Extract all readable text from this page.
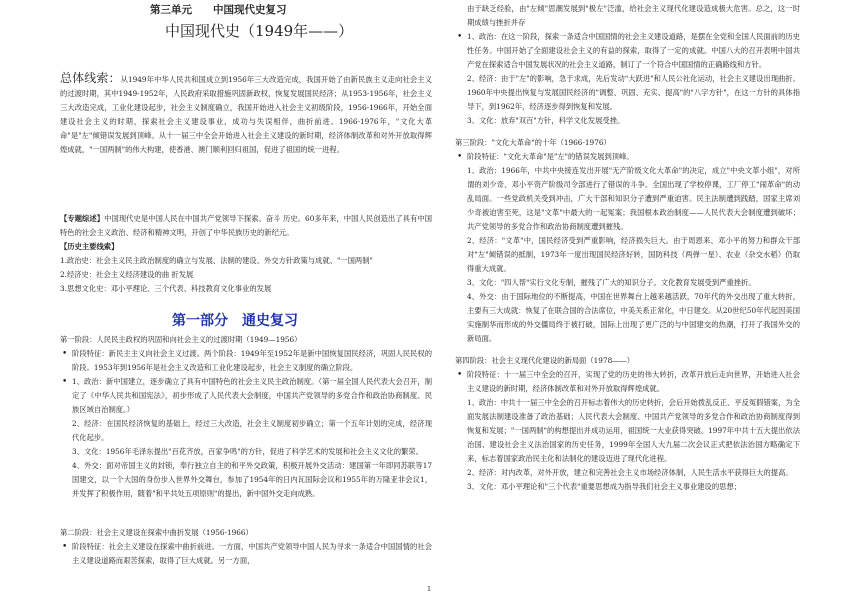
第三单元　　中国现代史复习
中国现代史（1949年——）

总体线索：从1949年中华人民共和国成立到1956年三大改造完成，我国开始了由新民族主义走向社会主义的过渡时期，其中1949-1952年，人民政府采取措施巩固新政权，恢复发展国民经济；从1953-1956年，社会主义三大改造完成，工业化建设起步，社会主义制度确立，我国开始进入社会主义初级阶段，1956-1966年，开始全面建设社会主义的时期，探索社会主义建设事业，成功与失误相伴，曲折前进。1966-1976年，"文化大革命"是"左"倾错误发展到顶峰。从十一届三中全会开始进入社会主义建设的新时期，经济体制改革和对外开放取得辉煌成就，"一国两制"的伟大构建，使香港、澳门顺利回归祖国，促进了祖国的统一进程。

【专题综述】中国现代史是中国人民在中国共产党领导下探索、奋斗 历史。60多年来，中国人民创造出了具有中国特色的社会主义政治、经济和精神文明，开创了中华民族历史的新纪元。

【历史主要线索】

1.政治史：社会主义民主政治制度的确立与发展、法制的建设、外交方针政策与成就、"一国两制"

2.经济史：社会主义经济建设的曲 折发展

3.思想文化史：邓小平理论、三个代表、科技教育文化事业的发展

第一部分　通史复习

第一阶段：人民民主政权的巩固和向社会主义的过渡时期（1949—1956）

• 阶段特征：新民主主义向社会主义过渡。两个阶段：1949年至1952年是新中国恢复国民经济，巩固人民民权的阶段。1953年到1956年是社会主义改造和工业化建设起步，社会主义制度的确立阶段。

• 1、政治：新中国建立，逐步确立了具有中国特色的社会主义民主政治制度。（第一届全国人民代表大会召开，制定了《中华人民共和国宪法》，初步形成了人民代表大会制度，中国共产党领导的多党合作和政治协商制度、民族区域自治制度。）

2、经济：在国民经济恢复的基础上，经过三大改造，社会主义制度初步确立；第一个五年计划的完成，经济现代化起步。

3、文化：1956年毛泽东提出"百花齐放，百家争鸣"的方针，促进了科学艺术的发展和社会主义文化的繁荣。

4、外交：面对帝国主义的封锁，奉行独立自主的和平外交政策，积极开展外交活动：建国第一年即同苏联等17国建交，以一个大国的身份步入世界外交舞台，参加了1954年的日内瓦国际会议和1955年的万隆亚非会议1，并发挥了积极作用，随着"和平共处五项原则"的提出，新中国外交走向成熟。

第二阶段：社会主义建设在探索中曲折发展（1956-1966）

• 阶段特征：社会主义建设在探索中曲折前进。一方面，中国共产党领导中国人民为寻求一条适合中国国情的社会主义建设道路而艰苦探索，取得了巨大成就。另一方面，

由于缺乏经验，由"左倾"思潮发展到"极左"泛滥，给社会主义现代化建设造成极大危害。总之，这一时期成绩与挫折并存

• 1、政治：在这一阶段，探索一条适合中国国情的社会主义建设道路，是摆在全党和全国人民面前的历史性任务。中国开始了全面建设社会主义的有益的探索，取得了一定的成就。中国八大的召开表明中国共产党在探索适合中国发展状况的社会主义道路，制订了一个符合中国国情的正确路线和方针。

2、经济：由于"左"的影响，急于求成，先后发动"大跃进"和人民公社化运动，社会主义建设出现曲折。1960年中央提出恢复与发展国民经济的"调整、巩固、充实、提高"的"八字方针"，在这一方针的具体指导下，到1962年，经济逐步得到恢复和发展。

3、文化：放弃"双百"方针，科学文化发展受挫。

第三阶段："文化大革命"的十年（1966-1976）

• 阶段特征："文化大革命"是"左"的错误发展到顶峰。

1、政治：1966年，中共中央接连发出开展"无产阶级文化大革命"的决定，成立"中央文革小组"，对所谓的刘少奇、邓小平资产阶级司令部进行了错误的斗争。全国出现了学校停课，工厂停工"闹革命"的动乱局面。一些党政机关受到冲击，广大干部和知识分子遭到严重迫害。民主法制遭到践踏，国家主席刘少奇被迫害至死，这是"文革"中最大的一起冤案；我国根本政治制度——人民代表大会制度遭到破坏；共产党领导的多党合作和政治协商制度遭到摧残。

2、经济："文革"中，国民经济受到严重影响，经济损失巨大。由于周恩来、邓小平的努力和群众干部对"左"倾错误的抵制，1973年一度出现国民经济好转，国防科技（两弹一星）、农业（杂交水稻）仍取得重大成就。

3、文化："四人帮"实行文化专制，摧残了广大的知识分子。文化教育发展受到严重挫折。

4、外交：由于国际地位的不断提高，中国在世界舞台上越来越活跃，70年代的外交出现了重大转折，主要有三大成就：恢复了在联合国的合法席位，中美关系正常化，中日建交。从20世纪50年代起因美国实施制华而形成的外交僵局终于被打破，国际上出现了更广泛的与中国建交的热潮，打开了我国外交的新局面。

第四阶段：社会主义现代化建设的新局面（1978——）

• 阶段特征：十一届三中全会的召开，实现了党的历史的伟大转折，改革开放后走向世界，开始进入社会主义建设的新时期，经济体制改革和对外开放取得辉煌成就。

1、政治：中共十一届三中全会的召开标志着伟大的历史转折，会后开始拨乱反正、平反冤假错案，为全面发展法制建设准备了政治基础；人民代表大会制度、中国共产党领导的多党合作和政治协商制度得到恢复和发展；"一国两制"的构想提出并成功运用，祖国统一大业获得突破。1997年中共十五大提出依法治国、建设社会主义法治国家的历史任务，1999年全国人大九届二次会议正式把依法治国方略确定下来，标志着国家政治民主化和法制化的建设迈进了现代化进程。

2、经济：对内改革，对外开放，建立和完善社会主义市场经济体制，人民生活水平获得巨大的提高。

3、文化：邓小平理论和"三个代表"重要思想成为指导我们社会主义事业建设的思想；

1
